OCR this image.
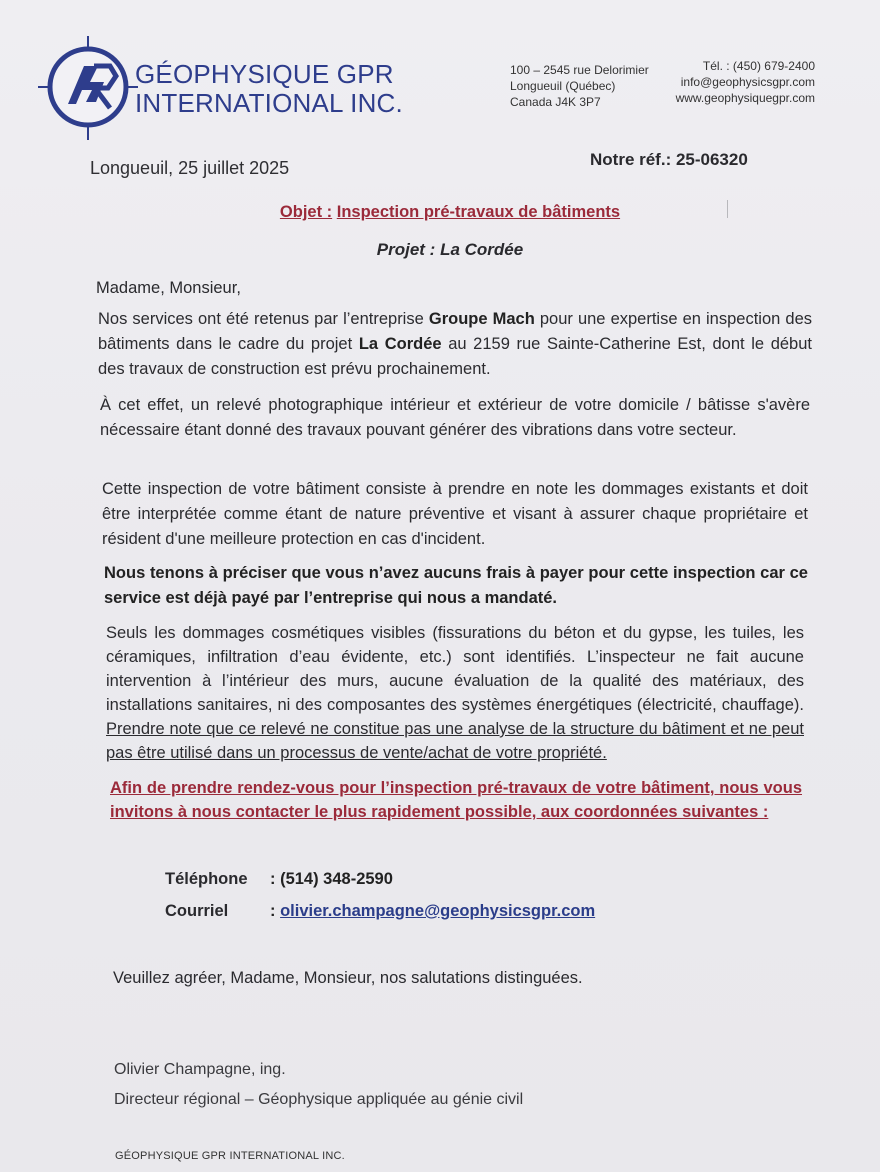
GÉOPHYSIQUE GPR
INTERNATIONAL INC.
100 – 2545 rue Delorimier
Longueuil (Québec)
Canada J4K 3P7
Tél. : (450) 679-2400
info@geophysicsgpr.com
www.geophysiquegpr.com
Longueuil, 25 juillet 2025	Notre réf.: 25-06320
Objet : Inspection pré-travaux de bâtiments
Projet : La Cordée
Madame, Monsieur,
Nos services ont été retenus par l’entreprise Groupe Mach pour une expertise en inspection des bâtiments dans le cadre du projet La Cordée au 2159 rue Sainte-Catherine Est, dont le début des travaux de construction est prévu prochainement.
À cet effet, un relevé photographique intérieur et extérieur de votre domicile / bâtisse s'avère nécessaire étant donné des travaux pouvant générer des vibrations dans votre secteur.
Cette inspection de votre bâtiment consiste à prendre en note les dommages existants et doit être interprétée comme étant de nature préventive et visant à assurer chaque propriétaire et résident d'une meilleure protection en cas d'incident.
Nous tenons à préciser que vous n’avez aucuns frais à payer pour cette inspection car ce service est déjà payé par l’entreprise qui nous a mandaté.
Seuls les dommages cosmétiques visibles (fissurations du béton et du gypse, les tuiles, les céramiques, infiltration d’eau évidente, etc.) sont identifiés. L’inspecteur ne fait aucune intervention à l’intérieur des murs, aucune évaluation de la qualité des matériaux, des installations sanitaires, ni des composantes des systèmes énergétiques (électricité, chauffage). Prendre note que ce relevé ne constitue pas une analyse de la structure du bâtiment et ne peut pas être utilisé dans un processus de vente/achat de votre propriété.
Afin de prendre rendez-vous pour l’inspection pré-travaux de votre bâtiment, nous vous invitons à nous contacter le plus rapidement possible, aux coordonnées suivantes :
Téléphone : (514) 348-2590
Courriel	: olivier.champagne@geophysicsgpr.com
Veuillez agréer, Madame, Monsieur, nos salutations distinguées.
Olivier Champagne, ing.
Directeur régional – Géophysique appliquée au génie civil
GÉOPHYSIQUE GPR INTERNATIONAL INC.
